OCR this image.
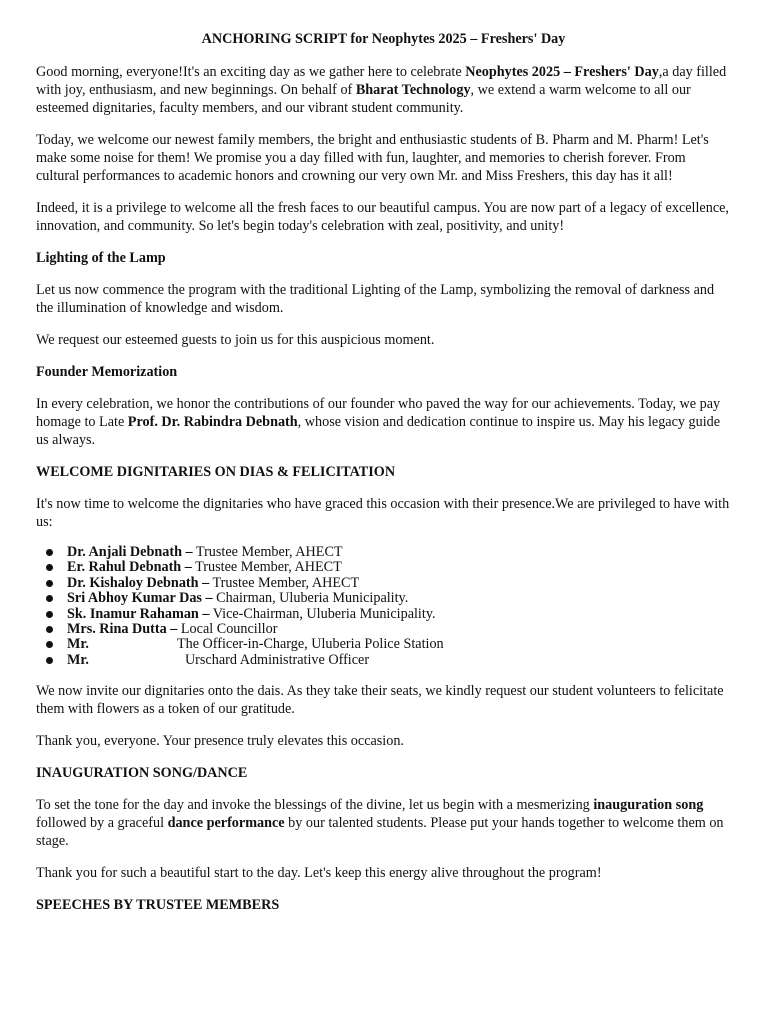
ANCHORING SCRIPT for Neophytes 2025 – Freshers' Day

Good morning, everyone!It's an exciting day as we gather here to celebrate Neophytes 2025 – Freshers' Day,a day filled with joy, enthusiasm, and new beginnings. On behalf of Bharat Technology, we extend a warm welcome to all our esteemed dignitaries, faculty members, and our vibrant student community.

Today, we welcome our newest family members, the bright and enthusiastic students of B. Pharm and M. Pharm! Let's make some noise for them! We promise you a day filled with fun, laughter, and memories to cherish forever. From cultural performances to academic honors and crowning our very own Mr. and Miss Freshers, this day has it all!

Indeed, it is a privilege to welcome all the fresh faces to our beautiful campus. You are now part of a legacy of excellence, innovation, and community. So let's begin today's celebration with zeal, positivity, and unity!

Lighting of the Lamp

Let us now commence the program with the traditional Lighting of the Lamp, symbolizing the removal of darkness and the illumination of knowledge and wisdom.

We request our esteemed guests to join us for this auspicious moment.

Founder Memorization

In every celebration, we honor the contributions of our founder who paved the way for our achievements. Today, we pay homage to Late Prof. Dr. Rabindra Debnath, whose vision and dedication continue to inspire us. May his legacy guide us always.

WELCOME DIGNITARIES ON DIAS & FELICITATION

It's now time to welcome the dignitaries who have graced this occasion with their presence.We are privileged to have with us:

Dr. Anjali Debnath – Trustee Member, AHECT
Er. Rahul Debnath – Trustee Member, AHECT
Dr. Kishaloy Debnath – Trustee Member, AHECT
Sri Abhoy Kumar Das – Chairman, Uluberia Municipality.
Sk. Inamur Rahaman – Vice-Chairman, Uluberia Municipality.
Mrs. Rina Dutta – Local Councillor
Mr.	The Officer-in-Charge, Uluberia Police Station
Mr.	Urschard Administrative Officer

We now invite our dignitaries onto the dais. As they take their seats, we kindly request our student volunteers to felicitate them with flowers as a token of our gratitude.

Thank you, everyone. Your presence truly elevates this occasion.

INAUGURATION SONG/DANCE

To set the tone for the day and invoke the blessings of the divine, let us begin with a mesmerizing inauguration song followed by a graceful dance performance by our talented students. Please put your hands together to welcome them on stage.

Thank you for such a beautiful start to the day. Let's keep this energy alive throughout the program!

SPEECHES BY TRUSTEE MEMBERS
